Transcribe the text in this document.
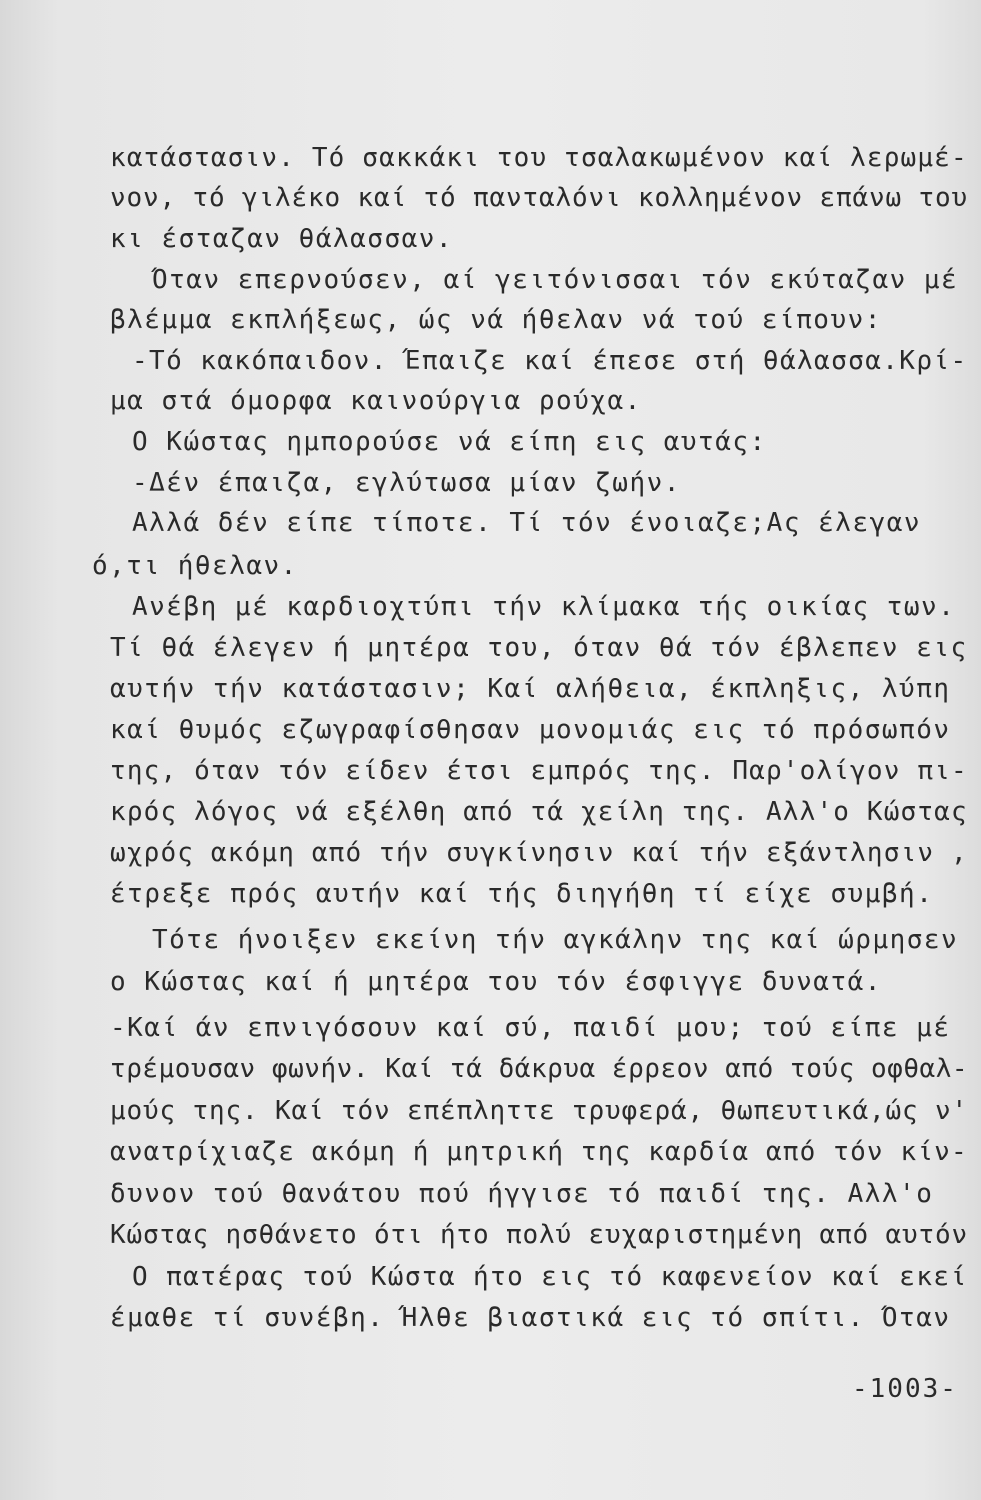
κατάστασιν. Τό σακκάκι του τσαλακωμένον καί λερωμέ-
νον, τό γιλέκο καί τό πανταλόνι κολλημένον επάνω του
κι έσταζαν θάλασσαν.
Όταν επερνούσεν, αί γειτόνισσαι τόν εκύταζαν μέ
βλέμμα εκπλήξεως, ώς νά ήθελαν νά τού είπουν:
-Τό κακόπαιδον. Έπαιζε καί έπεσε στή θάλασσα.Κρί-
μα στά όμορφα καινούργια ρούχα.
Ο Κώστας ημπορούσε νά είπη εις αυτάς:
-Δέν έπαιζα, εγλύτωσα μίαν ζωήν.
Αλλά δέν είπε τίποτε. Τί τόν ένοιαζε;Ας έλεγαν
ό,τι ήθελαν.
Ανέβη μέ καρδιοχτύπι τήν κλίμακα τής οικίας των.
Τί θά έλεγεν ή μητέρα του, όταν θά τόν έβλεπεν εις
αυτήν τήν κατάστασιν; Καί αλήθεια, έκπληξις, λύπη
καί θυμός εζωγραφίσθησαν μονομιάς εις τό πρόσωπόν
της, όταν τόν είδεν έτσι εμπρός της. Παρ'ολίγον πι-
κρός λόγος νά εξέλθη από τά χείλη της. Αλλ'ο Κώστας
ωχρός ακόμη από τήν συγκίνησιν καί τήν εξάντλησιν ,
έτρεξε πρός αυτήν καί τής διηγήθη τί είχε συμβή.
Τότε ήνοιξεν εκείνη τήν αγκάλην της καί ώρμησεν
ο Κώστας καί ή μητέρα του τόν έσφιγγε δυνατά.
-Καί άν επνιγόσουν καί σύ, παιδί μου; τού είπε μέ
τρέμουσαν φωνήν. Καί τά δάκρυα έρρεον από τούς οφθαλ-
μούς της. Καί τόν επέπληττε τρυφερά, θωπευτικά,ώς ν'
ανατρίχιαζε ακόμη ή μητρική της καρδία από τόν κίν-
δυνον τού θανάτου πού ήγγισε τό παιδί της. Αλλ'ο
Κώστας ησθάνετο ότι ήτο πολύ ευχαριστημένη από αυτόν
Ο πατέρας τού Κώστα ήτο εις τό καφενείον καί εκεί
έμαθε τί συνέβη. Ήλθε βιαστικά εις τό σπίτι. Όταν
-1003-
